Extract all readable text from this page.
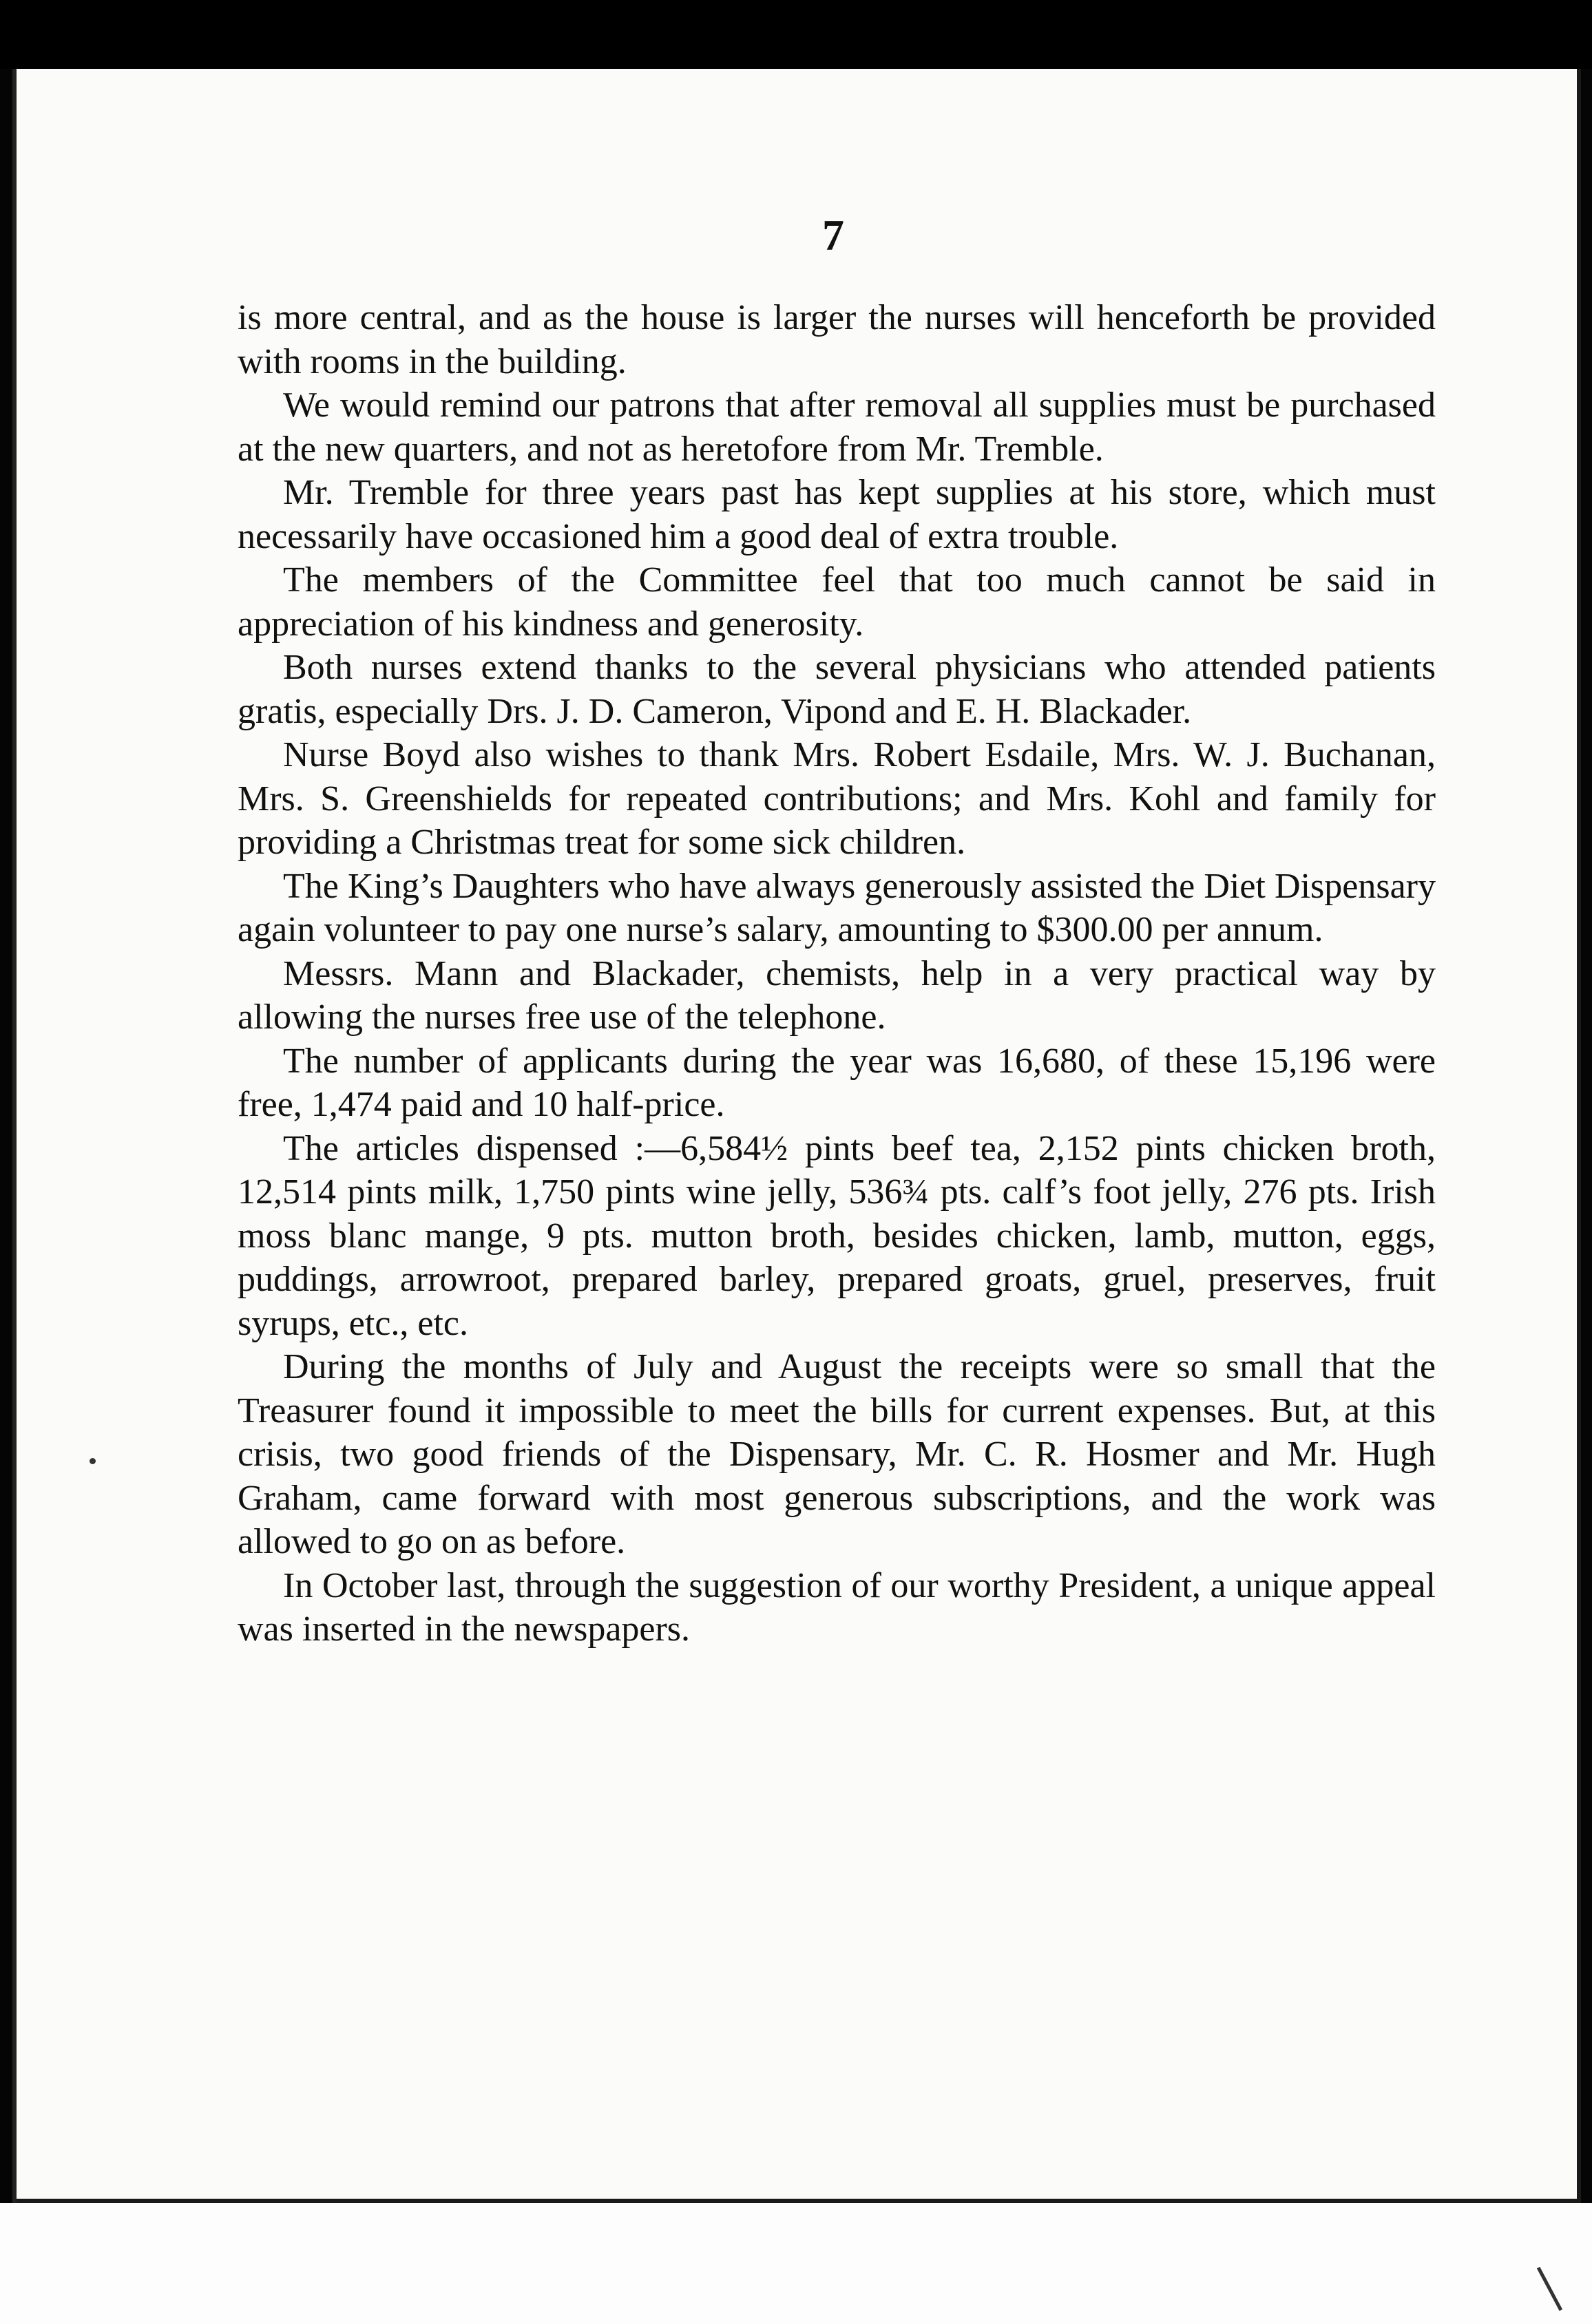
7

is more central, and as the house is larger the nurses will henceforth be provided with rooms in the building.

We would remind our patrons that after removal all supplies must be purchased at the new quarters, and not as heretofore from Mr. Tremble.

Mr. Tremble for three years past has kept supplies at his store, which must necessarily have occasioned him a good deal of extra trouble.

The members of the Committee feel that too much cannot be said in appreciation of his kindness and generosity.

Both nurses extend thanks to the several physicians who attended patients gratis, especially Drs. J. D. Cameron, Vipond and E. H. Blackader.

Nurse Boyd also wishes to thank Mrs. Robert Esdaile, Mrs. W. J. Buchanan, Mrs. S. Greenshields for repeated contributions; and Mrs. Kohl and family for providing a Christmas treat for some sick children.

The King’s Daughters who have always generously assisted the Diet Dispensary again volunteer to pay one nurse’s salary, amounting to $300.00 per annum.

Messrs. Mann and Blackader, chemists, help in a very practical way by allowing the nurses free use of the telephone.

The number of applicants during the year was 16,680, of these 15,196 were free, 1,474 paid and 10 half-price.

The articles dispensed :—6,584½ pints beef tea, 2,152 pints chicken broth, 12,514 pints milk, 1,750 pints wine jelly, 536¾ pts. calf’s foot jelly, 276 pts. Irish moss blanc mange, 9 pts. mutton broth, besides chicken, lamb, mutton, eggs, puddings, arrowroot, prepared barley, prepared groats, gruel, preserves, fruit syrups, etc., etc.

During the months of July and August the receipts were so small that the Treasurer found it impossible to meet the bills for current expenses. But, at this crisis, two good friends of the Dispensary, Mr. C. R. Hosmer and Mr. Hugh Graham, came forward with most generous subscriptions, and the work was allowed to go on as before.

In October last, through the suggestion of our worthy President, a unique appeal was inserted in the newspapers.
